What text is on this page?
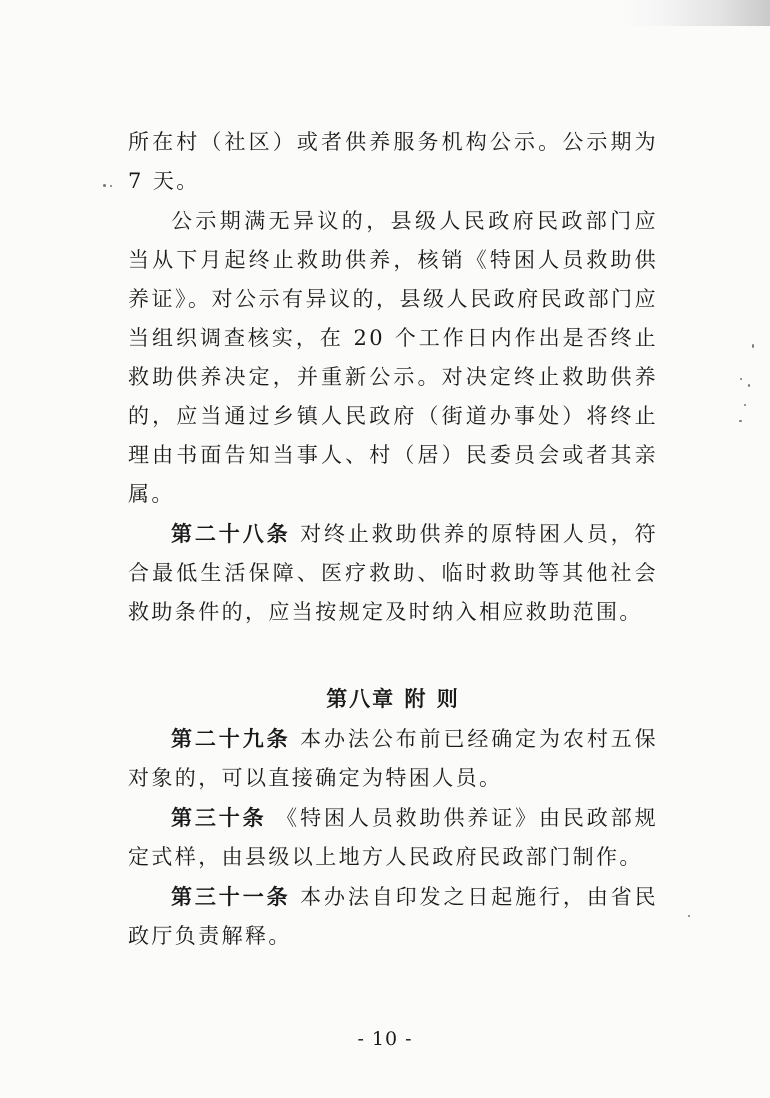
所在村（社区）或者供养服务机构公示。公示期为 7 天。

公示期满无异议的，县级人民政府民政部门应当从下月起终止救助供养，核销《特困人员救助供养证》。对公示有异议的，县级人民政府民政部门应当组织调查核实，在 20 个工作日内作出是否终止救助供养决定，并重新公示。对决定终止救助供养的，应当通过乡镇人民政府（街道办事处）将终止理由书面告知当事人、村（居）民委员会或者其亲属。

第二十八条 对终止救助供养的原特困人员，符合最低生活保障、医疗救助、临时救助等其他社会救助条件的，应当按规定及时纳入相应救助范围。

第八章 附 则

第二十九条 本办法公布前已经确定为农村五保对象的，可以直接确定为特困人员。

第三十条 《特困人员救助供养证》由民政部规定式样，由县级以上地方人民政府民政部门制作。

第三十一条 本办法自印发之日起施行，由省民政厅负责解释。

- 10 -
